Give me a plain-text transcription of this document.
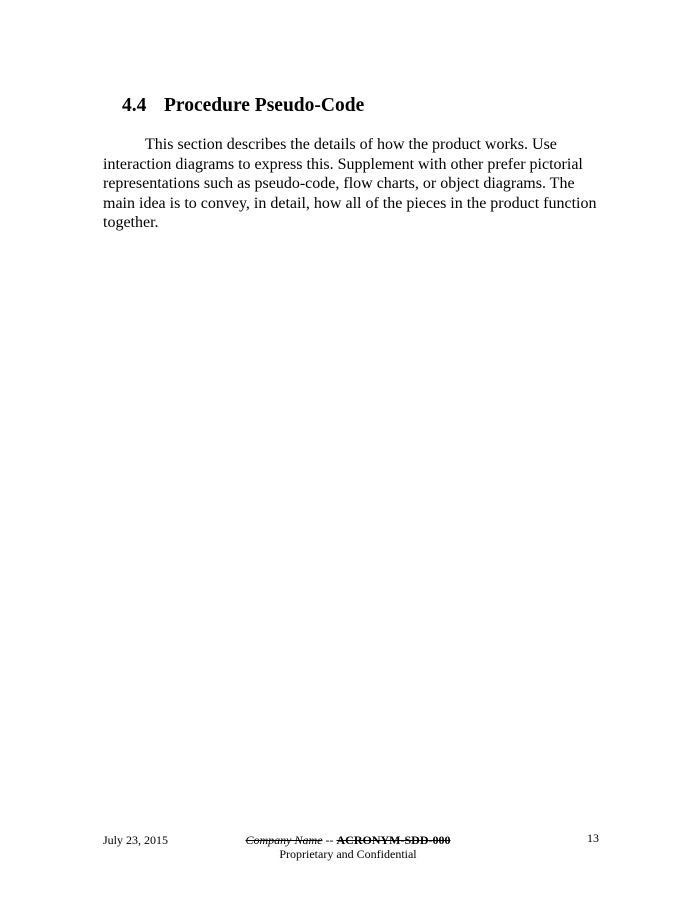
4.4 Procedure Pseudo-Code

This section describes the details of how the product works. Use interaction diagrams to express this. Supplement with other prefer pictorial representations such as pseudo-code, flow charts, or object diagrams. The main idea is to convey, in detail, how all of the pieces in the product function together.

July 23, 2015	Company Name -- ACRONYM-SDD-000
Proprietary and Confidential
13
